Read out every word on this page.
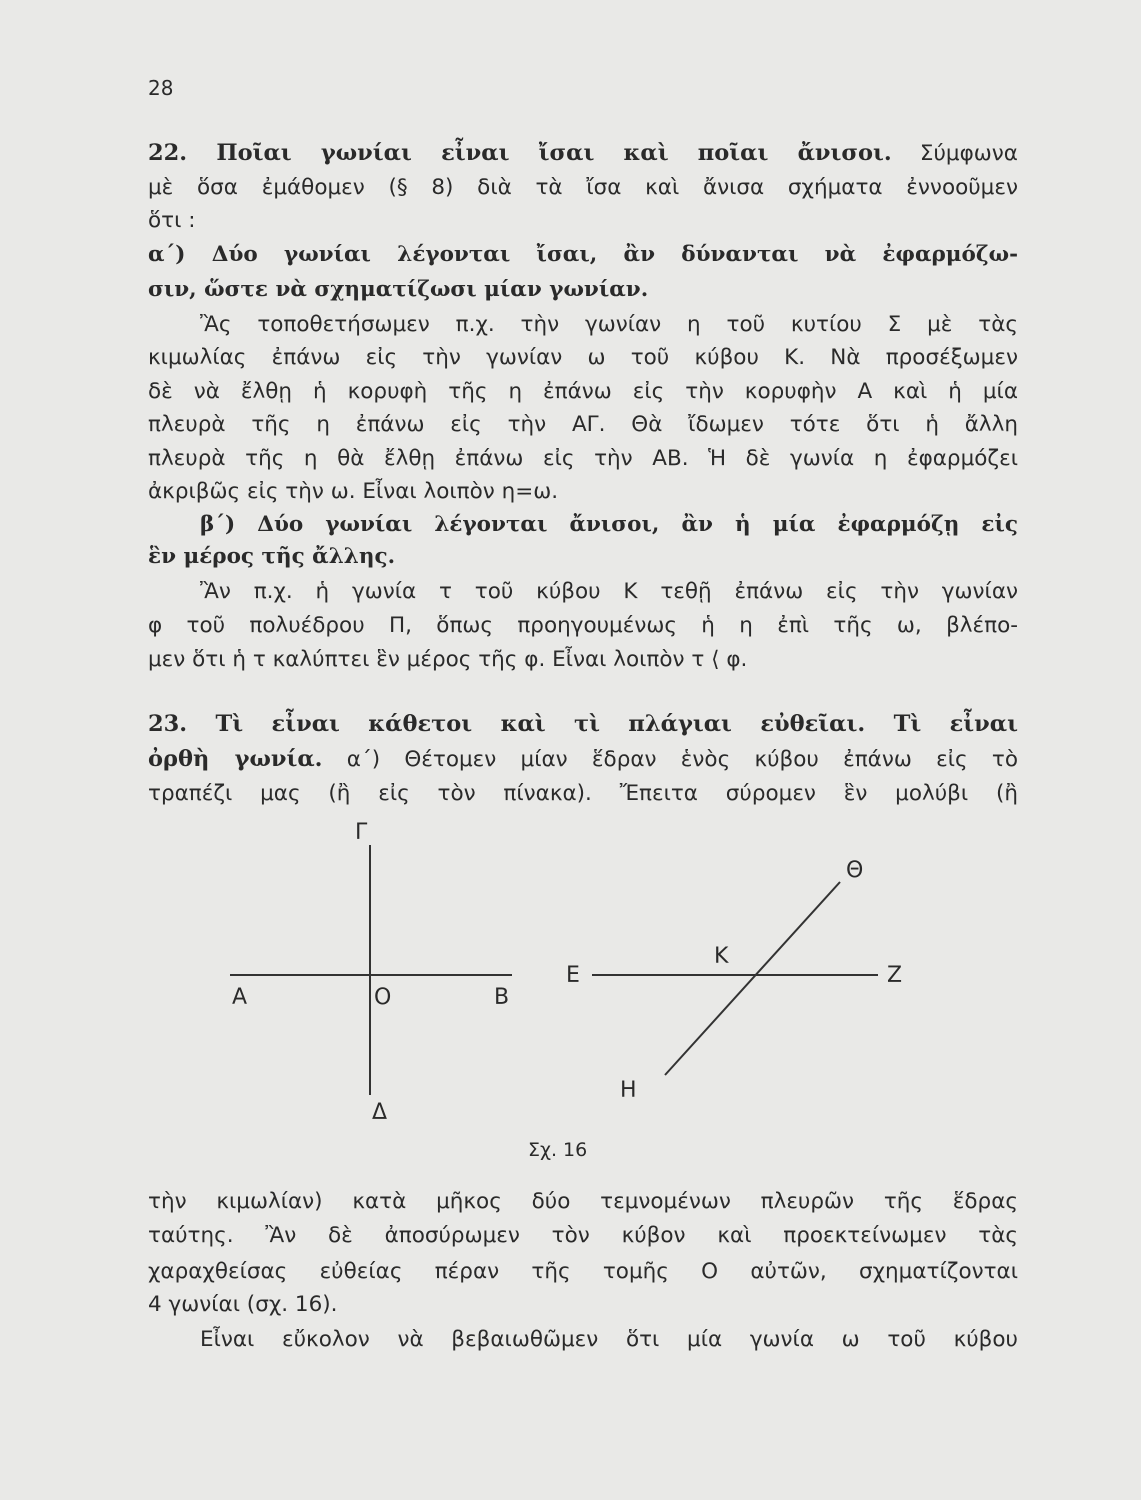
28
22. Ποῖαι γωνίαι εἶναι ἴσαι καὶ ποῖαι ἄνισοι. Σύμφωνα
μὲ ὅσα ἐμάθομεν (§ 8) διὰ τὰ ἴσα καὶ ἄνισα σχήματα ἐννοοῦμεν
ὅτι :
α΄) Δύο γωνίαι λέγονται ἴσαι, ἂν δύνανται νὰ ἐφαρμόζω-
σιν, ὥστε νὰ σχηματίζωσι μίαν γωνίαν.
Ἂς τοποθετήσωμεν π.χ. τὴν γωνίαν η τοῦ κυτίου Σ μὲ τὰς
κιμωλίας ἐπάνω εἰς τὴν γωνίαν ω τοῦ κύβου Κ. Νὰ προσέξωμεν
δὲ νὰ ἔλθῃ ἡ κορυφὴ τῆς η ἐπάνω εἰς τὴν κορυφὴν Α καὶ ἡ μία
πλευρὰ τῆς η ἐπάνω εἰς τὴν ΑΓ. Θὰ ἴδωμεν τότε ὅτι ἡ ἄλλη
πλευρὰ τῆς η θὰ ἔλθῃ ἐπάνω εἰς τὴν ΑΒ. Ἡ δὲ γωνία η ἐφαρμόζει
ἀκριβῶς εἰς τὴν ω. Εἶναι λοιπὸν η=ω.
β΄) Δύο γωνίαι λέγονται ἄνισοι, ἂν ἡ μία ἐφαρμόζῃ εἰς
ἓν μέρος τῆς ἄλλης.
Ἂν π.χ. ἡ γωνία τ τοῦ κύβου Κ τεθῇ ἐπάνω εἰς τὴν γωνίαν
φ τοῦ πολυέδρου Π, ὅπως προηγουμένως ἡ η ἐπὶ τῆς ω, βλέπο-
μεν ὅτι ἡ τ καλύπτει ἓν μέρος τῆς φ. Εἶναι λοιπὸν τ ⟨ φ.
23. Τὶ εἶναι κάθετοι καὶ τὶ πλάγιαι εὐθεῖαι. Τὶ εἶναι
ὀρθὴ γωνία. α΄) Θέτομεν μίαν ἕδραν ἑνὸς κύβου ἐπάνω εἰς τὸ
τραπέζι μας (ἢ εἰς τὸν πίνακα). Ἔπειτα σύρομεν ἓν μολύβι (ἢ
Γ
Α	Ο	Β
Δ
Ε	Ζ
Κ
Θ
Η
Σχ. 16
τὴν κιμωλίαν) κατὰ μῆκος δύο τεμνομένων πλευρῶν τῆς ἕδρας
ταύτης. Ἂν δὲ ἀποσύρωμεν τὸν κύβον καὶ προεκτείνωμεν τὰς
χαραχθείσας εὐθείας πέραν τῆς τομῆς Ο αὐτῶν, σχηματίζονται
4 γωνίαι (σχ. 16).
Εἶναι εὔκολον νὰ βεβαιωθῶμεν ὅτι μία γωνία ω τοῦ κύβου
